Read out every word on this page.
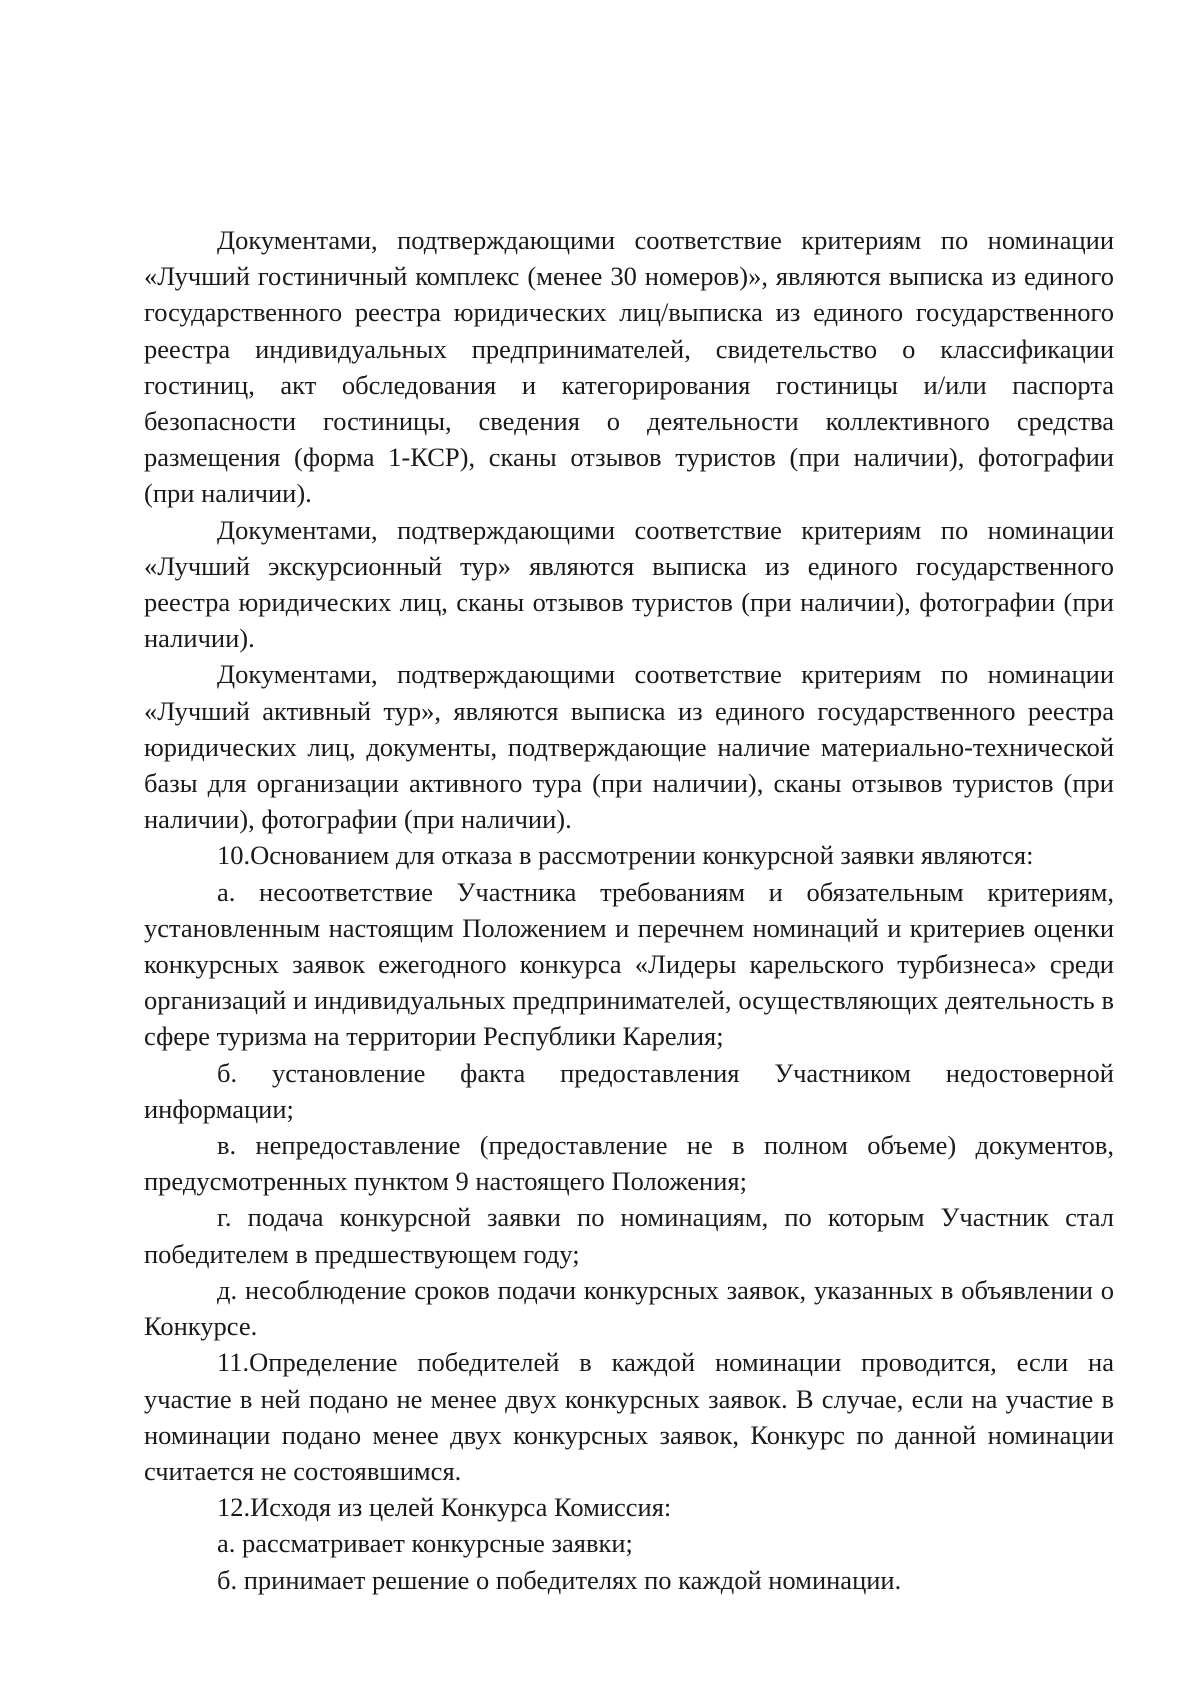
Документами, подтверждающими соответствие критериям по номинации «Лучший гостиничный комплекс (менее 30 номеров)», являются выписка из единого государственного реестра юридических лиц/выписка из единого государственного реестра индивидуальных предпринимателей, свидетельство о классификации гостиниц, акт обследования и категорирования гостиницы и/или паспорта безопасности гостиницы, сведения о деятельности коллективного средства размещения (форма 1-КСР), сканы отзывов туристов (при наличии), фотографии (при наличии).

Документами, подтверждающими соответствие критериям по номинации «Лучший экскурсионный тур» являются выписка из единого государственного реестра юридических лиц, сканы отзывов туристов (при наличии), фотографии (при наличии).

Документами, подтверждающими соответствие критериям по номинации «Лучший активный тур», являются выписка из единого государственного реестра юридических лиц, документы, подтверждающие наличие материально-технической базы для организации активного тура (при наличии), сканы отзывов туристов (при наличии), фотографии (при наличии).

10.Основанием для отказа в рассмотрении конкурсной заявки являются:

а. несоответствие Участника требованиям и обязательным критериям, установленным настоящим Положением и перечнем номинаций и критериев оценки конкурсных заявок ежегодного конкурса «Лидеры карельского турбизнеса» среди организаций и индивидуальных предпринимателей, осуществляющих деятельность в сфере туризма на территории Республики Карелия;

б. установление факта предоставления Участником недостоверной информации;

в. непредоставление (предоставление не в полном объеме) документов, предусмотренных пунктом 9 настоящего Положения;

г. подача конкурсной заявки по номинациям, по которым Участник стал победителем в предшествующем году;

д. несоблюдение сроков подачи конкурсных заявок, указанных в объявлении о Конкурсе.

11.Определение победителей в каждой номинации проводится, если на участие в ней подано не менее двух конкурсных заявок. В случае, если на участие в номинации подано менее двух конкурсных заявок, Конкурс по данной номинации считается не состоявшимся.

12.Исходя из целей Конкурса Комиссия:

а. рассматривает конкурсные заявки;

б. принимает решение о победителях по каждой номинации.
